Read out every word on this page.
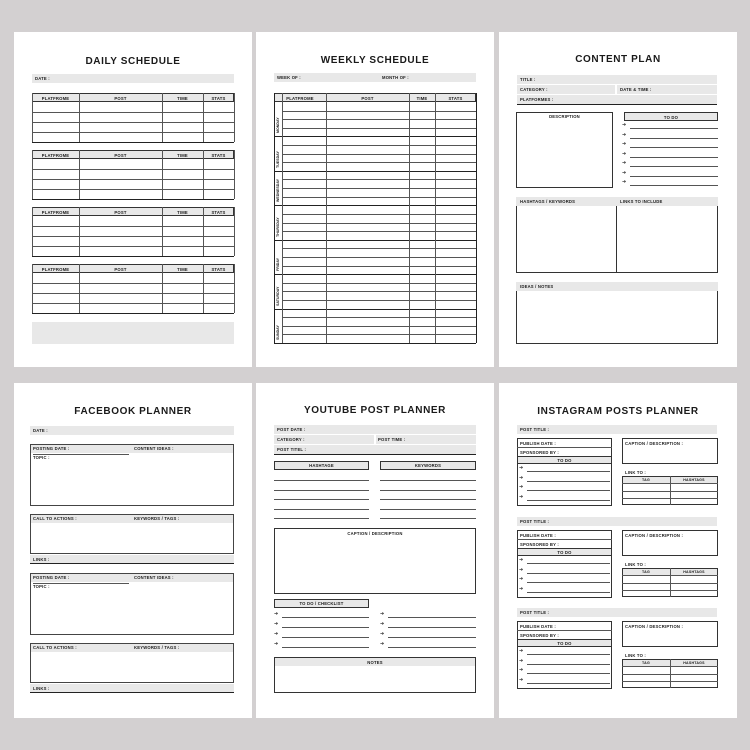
DAILY SCHEDULE
DATE :
PLATFROME	POST	TIME	STATS
PLATFROME	POST	TIME	STATS
PLATFROME	POST	TIME	STATS
PLATFROME	POST	TIME	STATS
WEEKLY SCHEDULE
WEEK OF :	MONTH OF :
PLATFROME	POST	TIME	STATS
MONDAY
TUESDAY
WEDNESDAY
THURSDAY
FRIDAY
SATURDAY
SUNDAY
CONTENT PLAN
TITLE :
CATEGORY :	DATE & TIME :
PLATFORMES :
DESCRIPTION	TO DO
➜
➜
➜
➜
➜
➜
➜
HASHTAGS / KEYWORDS	LINKS TO INCLUDE
IDEAS / NOTES
FACEBOOK PLANNER
DATE :
POSTING DATE :	CONTENT IDEAS :
TOPIC :
CALL TO ACTIONS :	KEYWORDS / TAGS :
LINKS :
POSTING DATE :	CONTENT IDEAS :
TOPIC :
CALL TO ACTIONS :	KEYWORDS / TAGS :
LINKS :
YOUTUBE POST PLANNER
POST DATE :
CATEGORY :	POST TIME :
POST TITEL :
HASHTAGE	KEYWORDS
CAPTION / DESCRIPTION
TO DO / CHECKLIST
➜	➜
➜	➜
➜	➜
➜	➜
NOTES
INSTAGRAM POSTS PLANNER
POST TITLE :
PUBLISH DATE :
SPONSORED BY :
TO DO
➜
➜
➜
➜
CAPTION / DESCRIPTION :
LINK TO :
TAG	HASHTAGS
POST TITLE :
PUBLISH DATE :
SPONSORED BY :
TO DO
➜
➜
➜
➜
CAPTION / DESCRIPTION :
LINK TO :
TAG	HASHTAGS
POST TITLE :
PUBLISH DATE :
SPONSORED BY :
TO DO
➜
➜
➜
➜
CAPTION / DESCRIPTION :
LINK TO :
TAG	HASHTAGS
